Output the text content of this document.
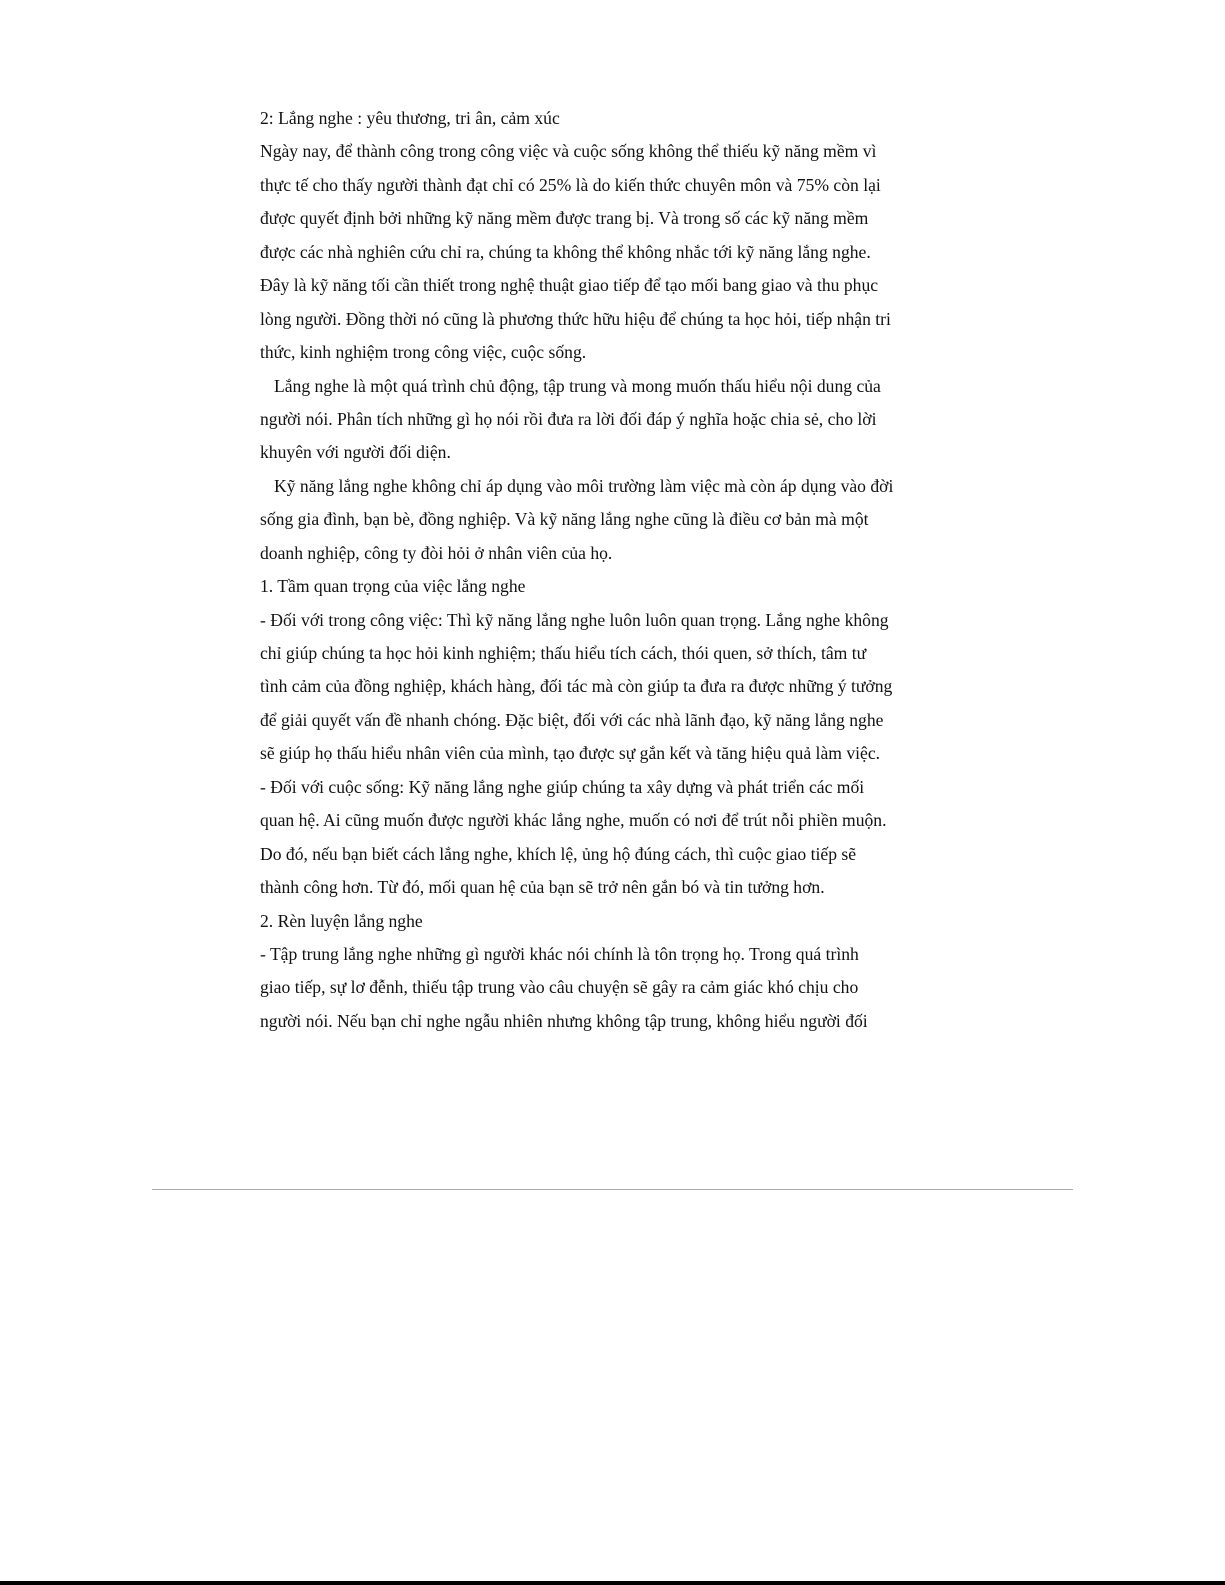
2: Lắng nghe : yêu thương, tri ân, cảm xúc

Ngày nay, để thành công trong công việc và cuộc sống không thể thiếu kỹ năng mềm vì

thực tế cho thấy người thành đạt chỉ có 25% là do kiến thức chuyên môn và 75% còn lại

được quyết định bởi những kỹ năng mềm được trang bị. Và trong số các kỹ năng mềm

được các nhà nghiên cứu chỉ ra, chúng ta không thể không nhắc tới kỹ năng lắng nghe.

Đây là kỹ năng tối cần thiết trong nghệ thuật giao tiếp để tạo mối bang giao và thu phục

lòng người. Đồng thời nó cũng là phương thức hữu hiệu để chúng ta học hỏi, tiếp nhận tri

thức, kinh nghiệm trong công việc, cuộc sống.

Lắng nghe là một quá trình chủ động, tập trung và mong muốn thấu hiểu nội dung của

người nói. Phân tích những gì họ nói rồi đưa ra lời đối đáp ý nghĩa hoặc chia sẻ, cho lời

khuyên với người đối diện.

Kỹ năng lắng nghe không chỉ áp dụng vào môi trường làm việc mà còn áp dụng vào đời

sống gia đình, bạn bè, đồng nghiệp. Và kỹ năng lắng nghe cũng là điều cơ bản mà một

doanh nghiệp, công ty đòi hỏi ở nhân viên của họ.

1. Tầm quan trọng của việc lắng nghe

- Đối với trong công việc: Thì kỹ năng lắng nghe luôn luôn quan trọng. Lắng nghe không

chỉ giúp chúng ta học hỏi kinh nghiệm; thấu hiểu tích cách, thói quen, sở thích, tâm tư

tình cảm của đồng nghiệp, khách hàng, đối tác mà còn giúp ta đưa ra được những ý tưởng

để giải quyết vấn đề nhanh chóng. Đặc biệt, đối với các nhà lãnh đạo, kỹ năng lắng nghe

sẽ giúp họ thấu hiểu nhân viên của mình, tạo được sự gắn kết và tăng hiệu quả làm việc.

- Đối với cuộc sống: Kỹ năng lắng nghe giúp chúng ta xây dựng và phát triển các mối

quan hệ. Ai cũng muốn được người khác lắng nghe, muốn có nơi để trút nỗi phiền muộn.

Do đó, nếu bạn biết cách lắng nghe, khích lệ, ủng hộ đúng cách, thì cuộc giao tiếp sẽ

thành công hơn. Từ đó, mối quan hệ của bạn sẽ trở nên gắn bó và tin tưởng hơn.

2. Rèn luyện lắng nghe

- Tập trung lắng nghe những gì người khác nói chính là tôn trọng họ. Trong quá trình

giao tiếp, sự lơ đễnh, thiếu tập trung vào câu chuyện sẽ gây ra cảm giác khó chịu cho

người nói. Nếu bạn chỉ nghe ngẫu nhiên nhưng không tập trung, không hiểu người đối
